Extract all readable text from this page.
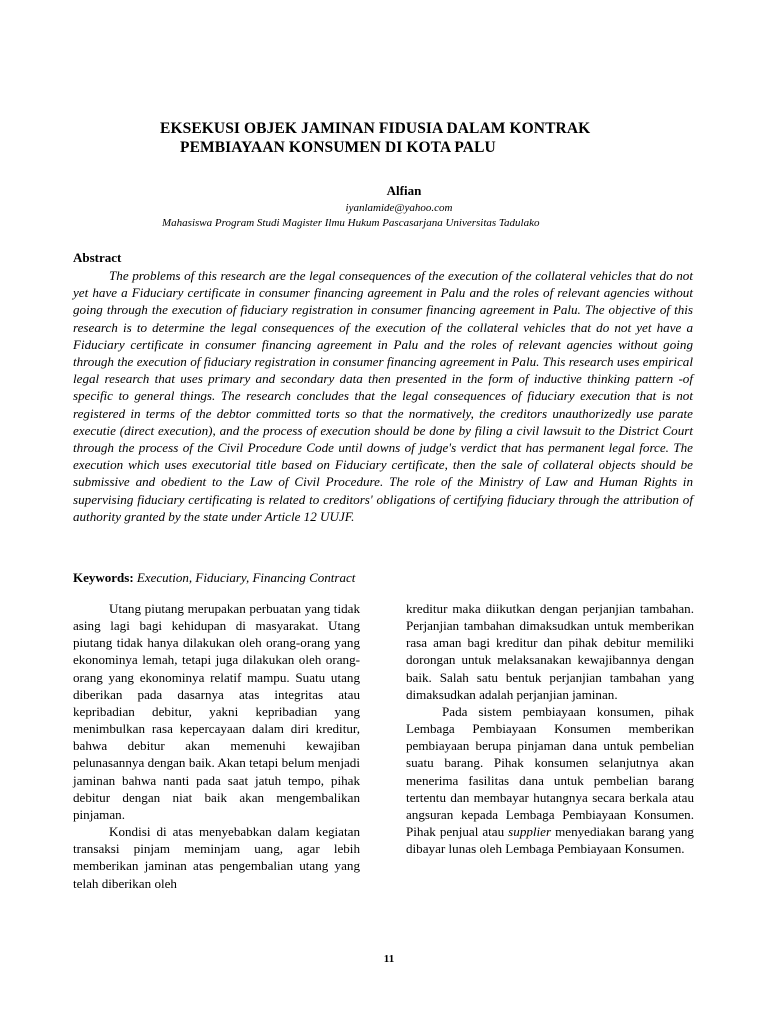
EKSEKUSI OBJEK JAMINAN FIDUSIA DALAM KONTRAK
PEMBIAYAAN KONSUMEN DI KOTA PALU
Alfian
iyanlamide@yahoo.com
Mahasiswa Program Studi Magister Ilmu Hukum Pascasarjana Universitas Tadulako
Abstract

The problems of this research are the legal consequences of the execution of the collateral vehicles that do not yet have a Fiduciary certificate in consumer financing agreement in Palu and the roles of relevant agencies without going through the execution of fiduciary registration in consumer financing agreement in Palu. The objective of this research is to determine the legal consequences of the execution of the collateral vehicles that do not yet have a Fiduciary certificate in consumer financing agreement in Palu and the roles of relevant agencies without going through the execution of fiduciary registration in consumer financing agreement in Palu. This research uses empirical legal research that uses primary and secondary data then presented in the form of inductive thinking pattern -of specific to general things. The research concludes that the legal consequences of fiduciary execution that is not registered in terms of the debtor committed torts so that the normatively, the creditors unauthorizedly use parate executie (direct execution), and the process of execution should be done by filing a civil lawsuit to the District Court through the process of the Civil Procedure Code until downs of judge's verdict that has permanent legal force. The execution which uses executorial title based on Fiduciary certificate, then the sale of collateral objects should be submissive and obedient to the Law of Civil Procedure. The role of the Ministry of Law and Human Rights in supervising fiduciary certificating is related to creditors' obligations of certifying fiduciary through the attribution of authority granted by the state under Article 12 UUJF.

Keywords: Execution, Fiduciary, Financing Contract

Utang piutang merupakan perbuatan yang tidak asing lagi bagi kehidupan di masyarakat. Utang piutang tidak hanya dilakukan oleh orang-orang yang ekonominya lemah, tetapi juga dilakukan oleh orang-orang yang ekonominya relatif mampu. Suatu utang diberikan pada dasarnya atas integritas atau kepribadian debitur, yakni kepribadian yang menimbulkan rasa kepercayaan dalam diri kreditur, bahwa debitur akan memenuhi kewajiban pelunasannya dengan baik. Akan tetapi belum menjadi jaminan bahwa nanti pada saat jatuh tempo, pihak debitur dengan niat baik akan mengembalikan pinjaman.

Kondisi di atas menyebabkan dalam kegiatan transaksi pinjam meminjam uang, agar lebih memberikan jaminan atas pengembalian utang yang telah diberikan oleh

kreditur maka diikutkan dengan perjanjian tambahan. Perjanjian tambahan dimaksudkan untuk memberikan rasa aman bagi kreditur dan pihak debitur memiliki dorongan untuk melaksanakan kewajibannya dengan baik. Salah satu bentuk perjanjian tambahan yang dimaksudkan adalah perjanjian jaminan.

Pada sistem pembiayaan konsumen, pihak Lembaga Pembiayaan Konsumen memberikan pembiayaan berupa pinjaman dana untuk pembelian suatu barang. Pihak konsumen selanjutnya akan menerima fasilitas dana untuk pembelian barang tertentu dan membayar hutangnya secara berkala atau angsuran kepada Lembaga Pembiayaan Konsumen. Pihak penjual atau supplier menyediakan barang yang dibayar lunas oleh Lembaga Pembiayaan Konsumen.

11
